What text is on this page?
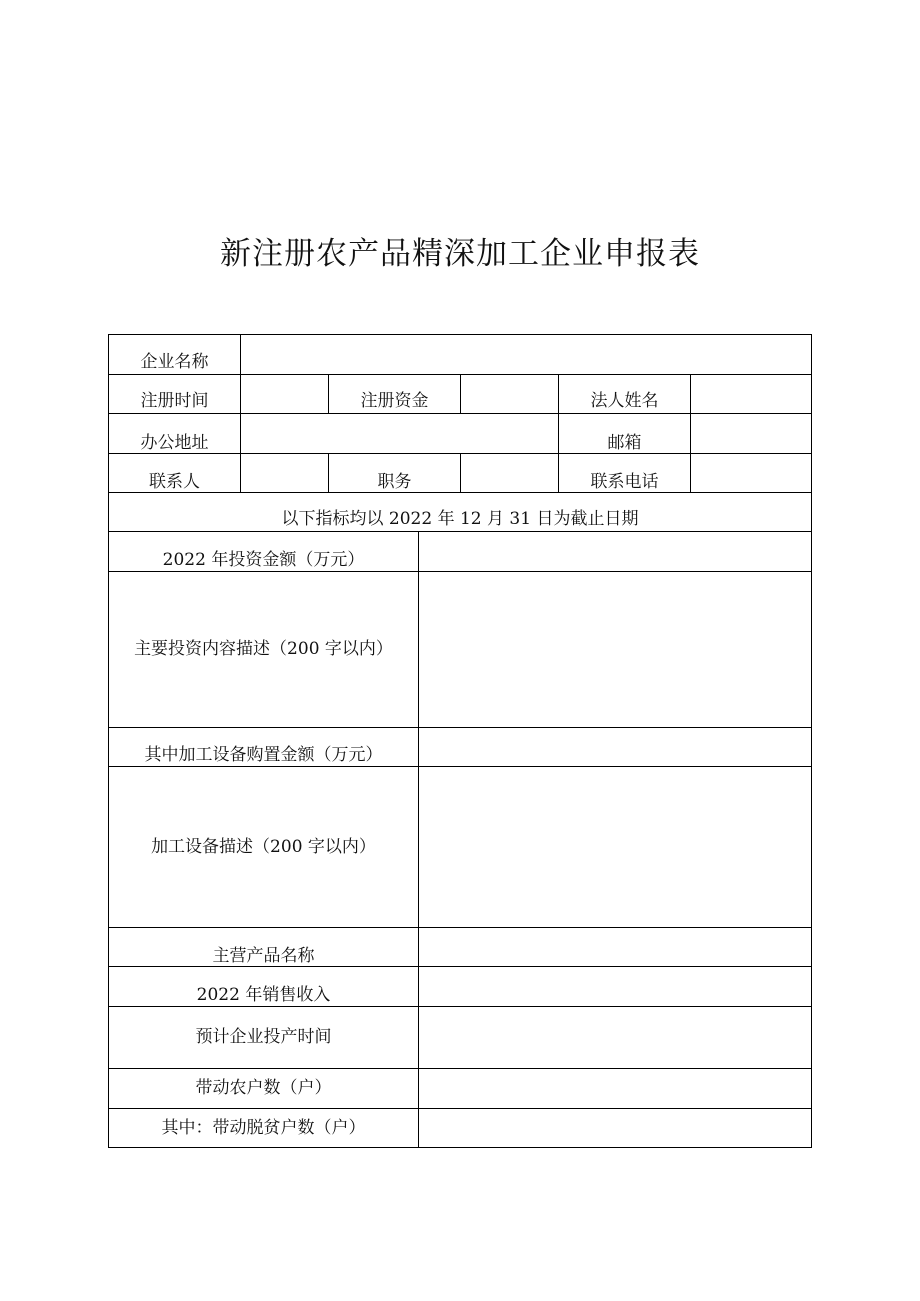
新注册农产品精深加工企业申报表
企业名称
注册时间	注册资金	法人姓名
办公地址	邮箱
联系人	职务	联系电话
以下指标均以 2022 年 12 月 31 日为截止日期
2022 年投资金额（万元）
主要投资内容描述（200 字以内）
其中加工设备购置金额（万元）
加工设备描述（200 字以内）
主营产品名称
2022 年销售收入
预计企业投产时间
带动农户数（户）
其中：带动脱贫户数（户）
